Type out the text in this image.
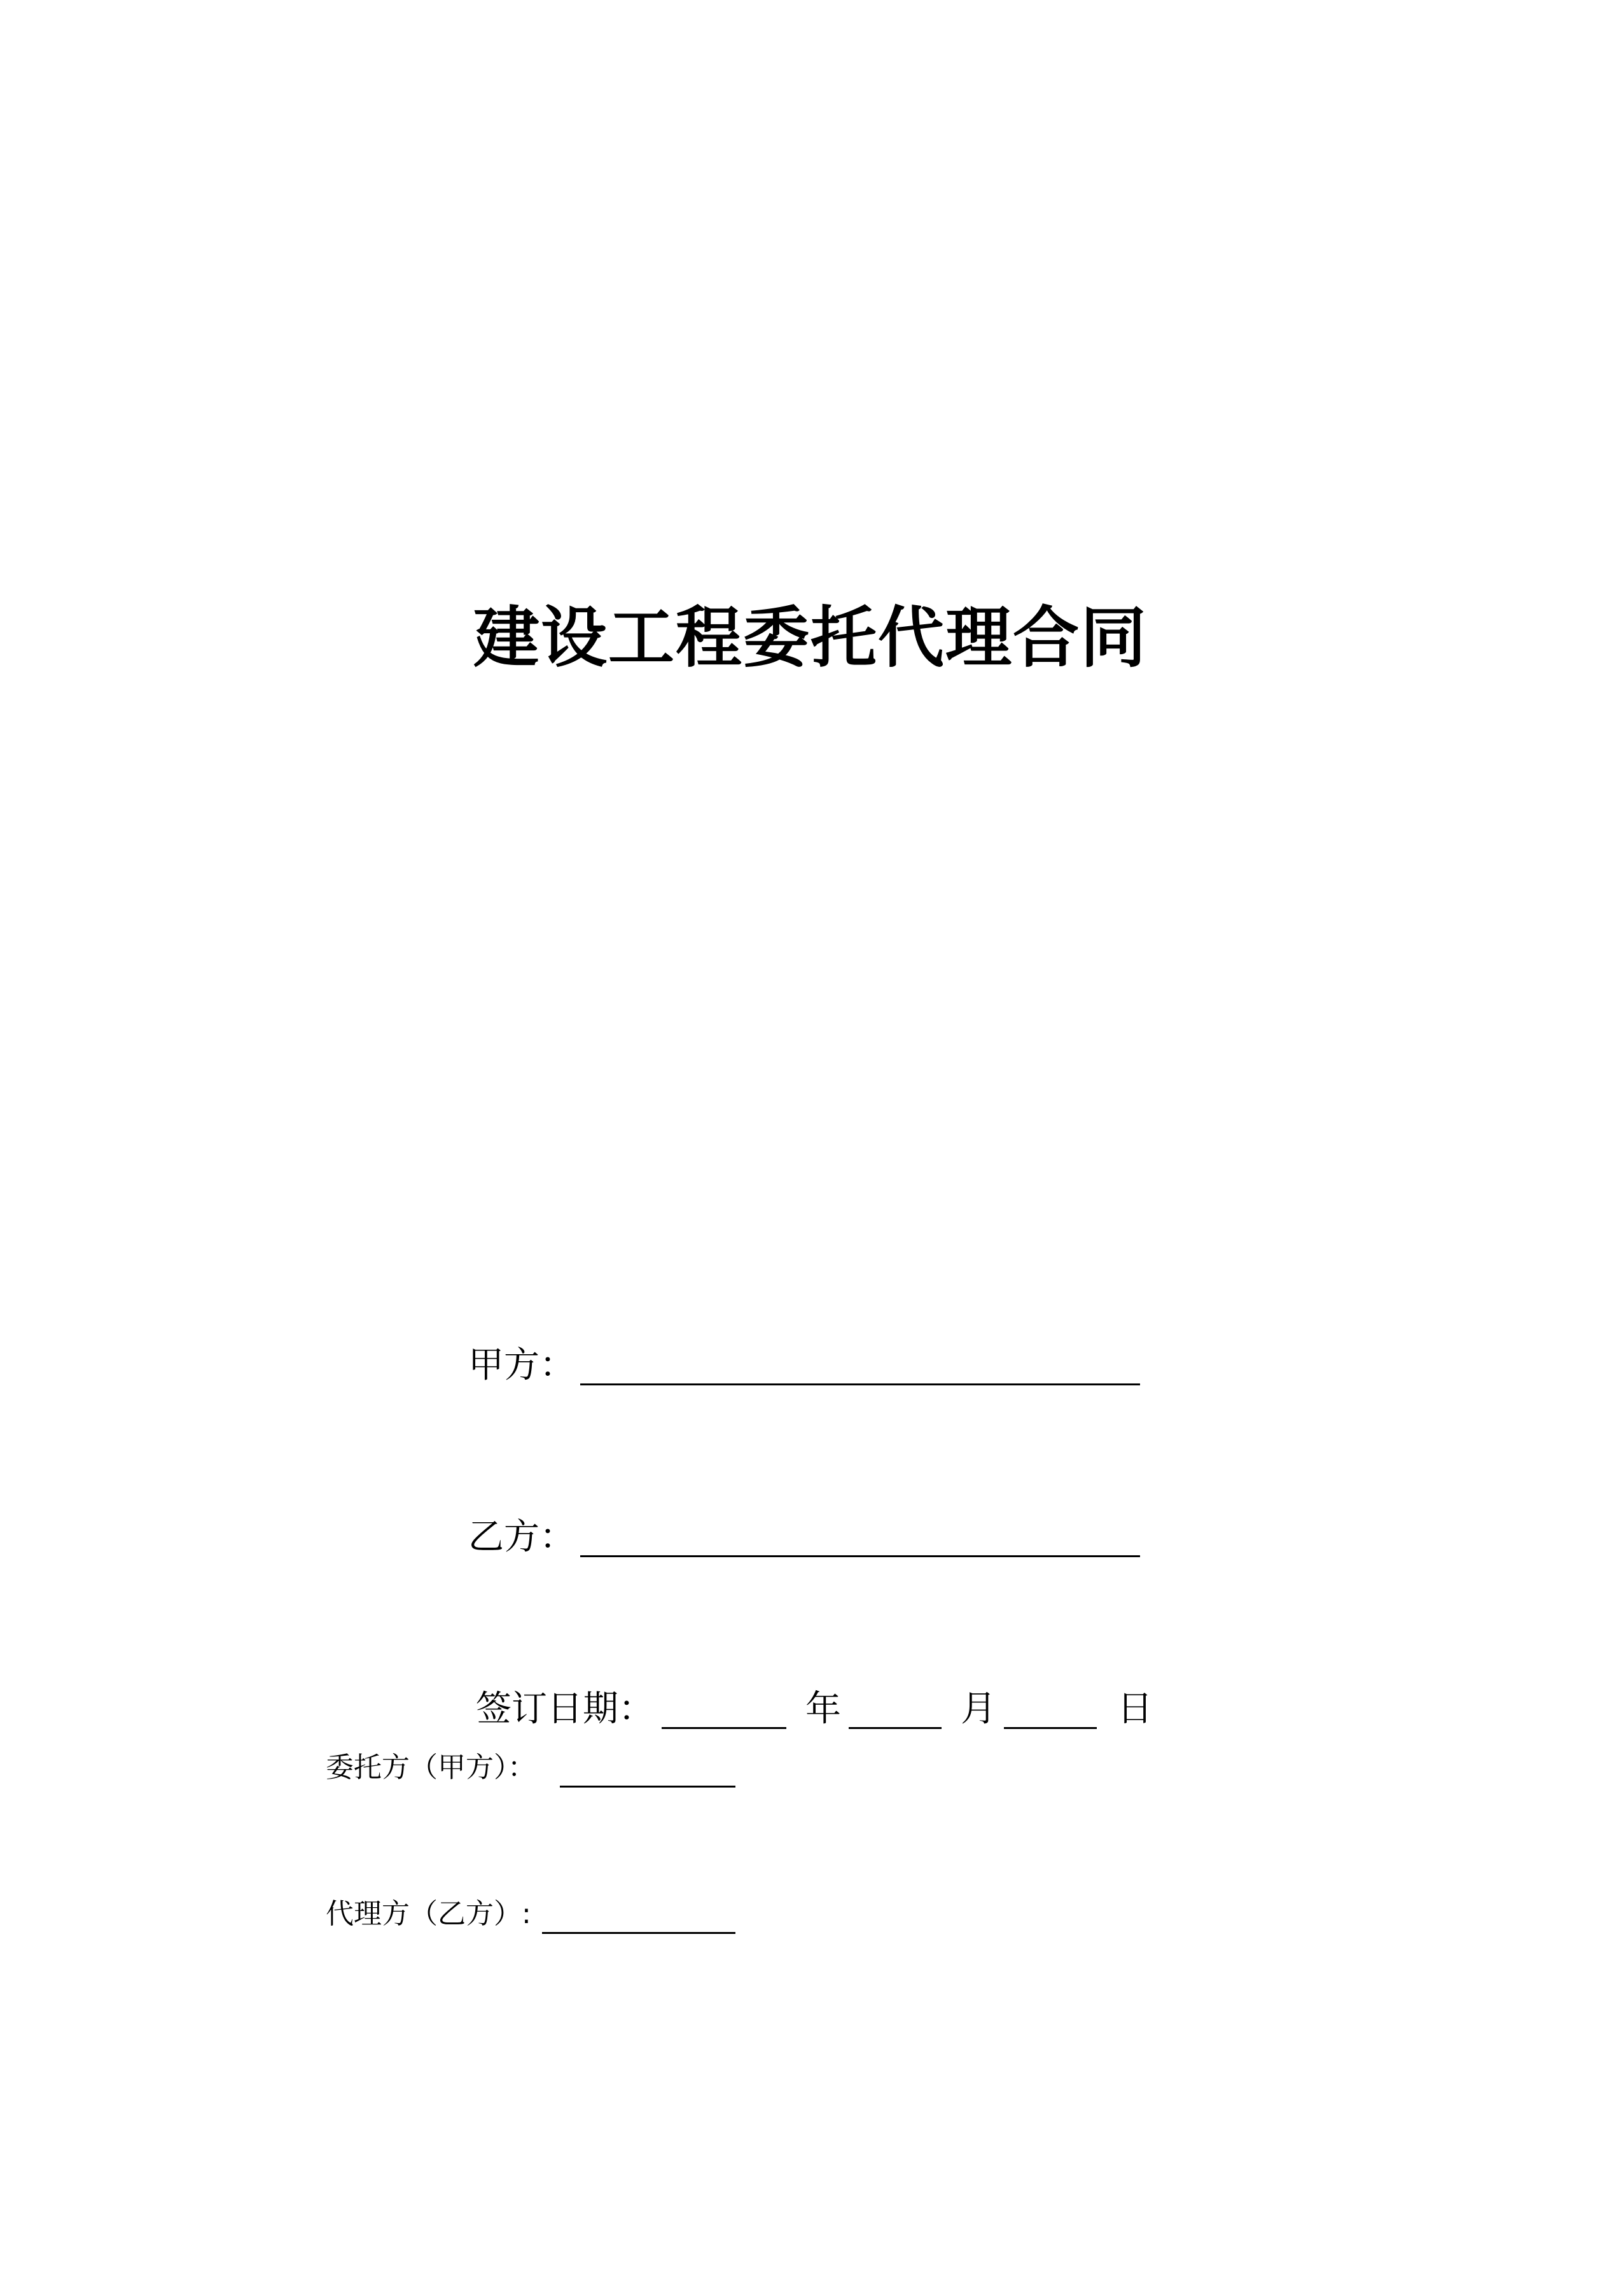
建设工程委托代理合同
甲方：
乙方：
签订日期：	年	月	日
委托方（甲方）：
代理方（乙方）:
